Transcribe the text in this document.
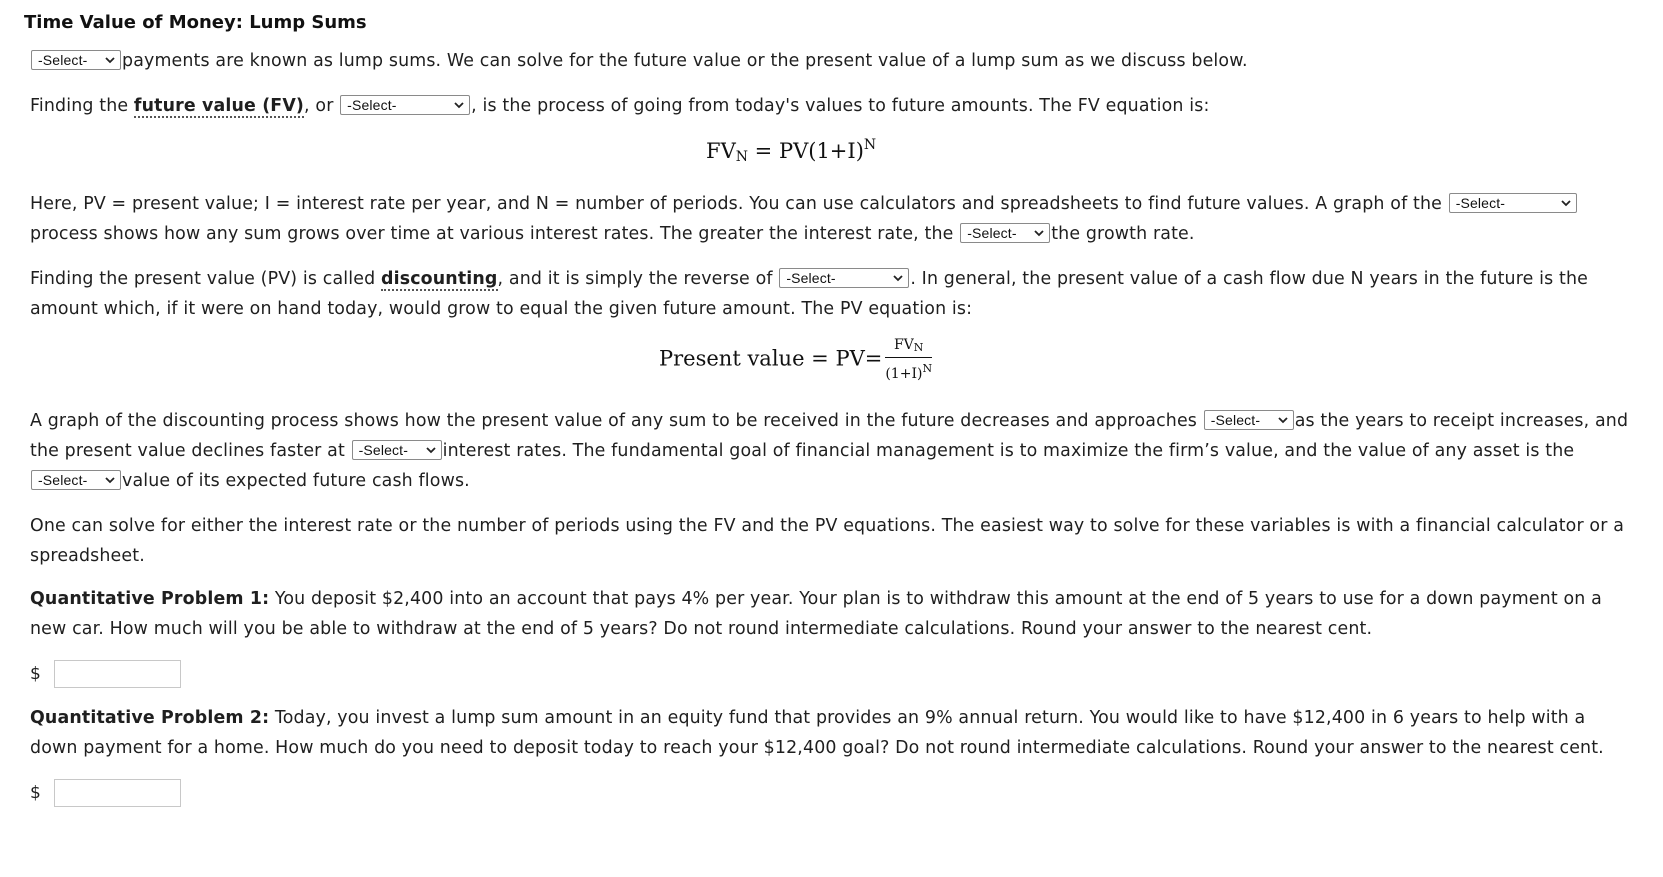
Time Value of Money: Lump Sums

-Select- payments are known as lump sums. We can solve for the future value or the present value of a lump sum as we discuss below.

Finding the future value (FV), or -Select-	, is the process of going from today's values to future amounts. The FV equation is:

$FV_N = PV(1+I)^N$

Here, PV = present value; I = interest rate per year, and N = number of periods. You can use calculators and spreadsheets to find future values. A graph of the -Select-
process shows how any sum grows over time at various interest rates. The greater the interest rate, the -Select- the growth rate.

Finding the present value (PV) is called discounting, and it is simply the reverse of -Select-	. In general, the present value of a cash flow due N years in the future is the amount which, if it were on hand today, would grow to equal the given future amount. The PV equation is:

Present value = $PV= \frac{FV_N}{(1+I)^N}$

A graph of the discounting process shows how the present value of any sum to be received in the future decreases and approaches -Select- as the years to receipt increases, and the present value declines faster at -Select- interest rates. The fundamental goal of financial management is to maximize the firm’s value, and the value of any asset is the
-Select- value of its expected future cash flows.

One can solve for either the interest rate or the number of periods using the FV and the PV equations. The easiest way to solve for these variables is with a financial calculator or a spreadsheet.

Quantitative Problem 1: You deposit $2,400 into an account that pays 4% per year. Your plan is to withdraw this amount at the end of 5 years to use for a down payment on a new car. How much will you be able to withdraw at the end of 5 years? Do not round intermediate calculations. Round your answer to the nearest cent.

$

Quantitative Problem 2: Today, you invest a lump sum amount in an equity fund that provides an 9% annual return. You would like to have $12,400 in 6 years to help with a down payment for a home. How much do you need to deposit today to reach your $12,400 goal? Do not round intermediate calculations. Round your answer to the nearest cent.

$
